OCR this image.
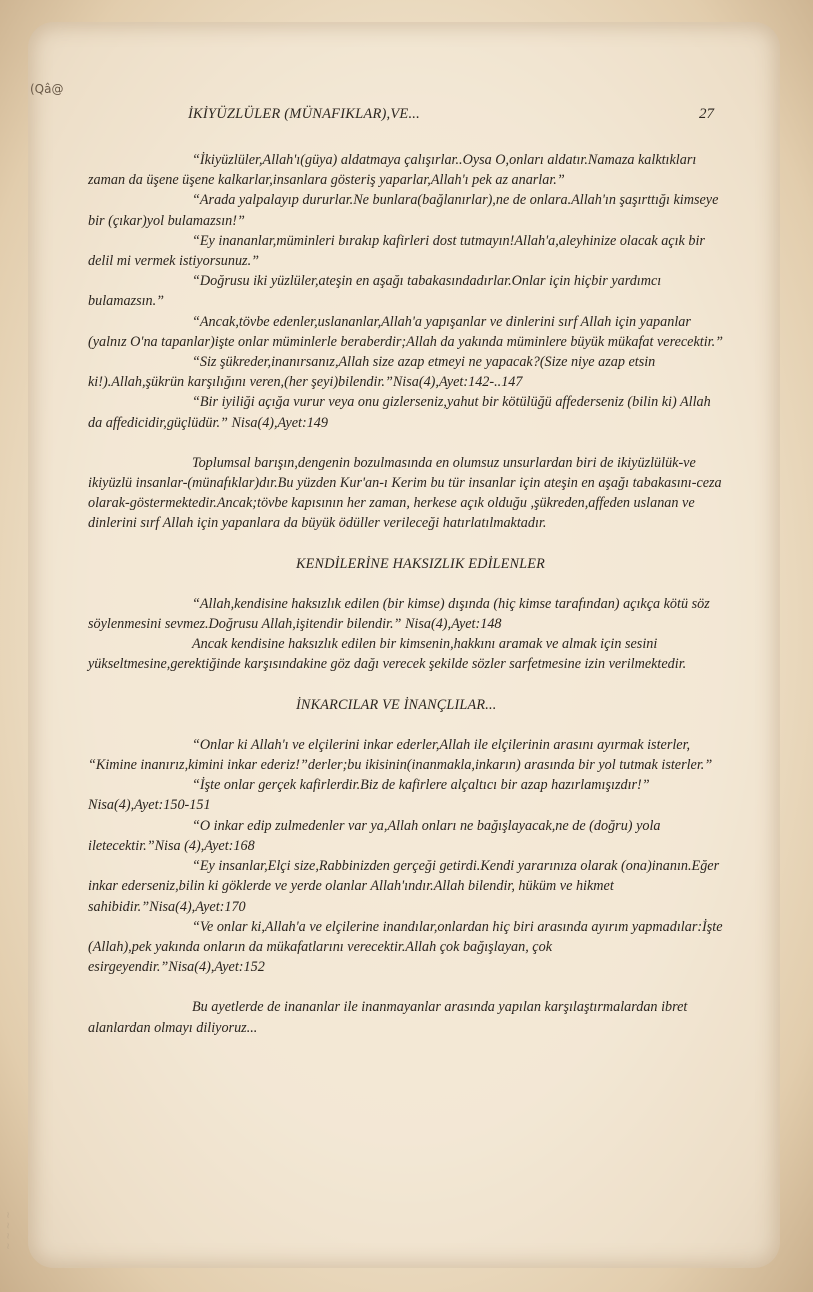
(Qâ@
~ ~ ~ ~
İKİYÜZLÜLER (MÜNAFIKLAR),VE...	27

“İkiyüzlüler,Allah'ı(güya) aldatmaya çalışırlar..Oysa O,onları aldatır.Namaza kalktıkları zaman da üşene üşene kalkarlar,insanlara gösteriş yaparlar,Allah'ı pek az anarlar.”

“Arada yalpalayıp dururlar.Ne bunlara(bağlanırlar),ne de onlara.Allah'ın şaşırttığı kimseye bir (çıkar)yol bulamazsın!”

“Ey inananlar,müminleri bırakıp kafirleri dost tutmayın!Allah'a,aleyhinize olacak açık bir delil mi vermek istiyorsunuz.”

“Doğrusu iki yüzlüler,ateşin en aşağı tabakasındadırlar.Onlar için hiçbir yardımcı bulamazsın.”

“Ancak,tövbe edenler,uslananlar,Allah'a yapışanlar ve dinlerini sırf Allah için yapanlar (yalnız O'na tapanlar)işte onlar müminlerle beraberdir;Allah da yakında müminlere büyük mükafat verecektir.”

“Siz şükreder,inanırsanız,Allah size azap etmeyi ne yapacak?(Size niye azap etsin ki!).Allah,şükrün karşılığını veren,(her şeyi)bilendir.”Nisa(4),Ayet:142-..147

“Bir iyiliği açığa vurur veya onu gizlerseniz,yahut bir kötülüğü affederseniz (bilin ki) Allah da affedicidir,güçlüdür.” Nisa(4),Ayet:149

Toplumsal barışın,dengenin bozulmasında en olumsuz unsurlardan biri de ikiyüzlülük-ve ikiyüzlü insanlar-(münafıklar)dır.Bu yüzden Kur'an-ı Kerim bu tür insanlar için ateşin en aşağı tabakasını-ceza olarak-göstermektedir.Ancak;tövbe kapısının her zaman, herkese açık olduğu ,şükreden,affeden uslanan ve dinlerini sırf Allah için yapanlara da büyük ödüller verileceği hatırlatılmaktadır.

KENDİLERİNE HAKSIZLIK EDİLENLER

“Allah,kendisine haksızlık edilen (bir kimse) dışında (hiç kimse tarafından) açıkça kötü söz söylenmesini sevmez.Doğrusu Allah,işitendir bilendir.” Nisa(4),Ayet:148

Ancak kendisine haksızlık edilen bir kimsenin,hakkını aramak ve almak için sesini yükseltmesine,gerektiğinde karşısındakine göz dağı verecek şekilde sözler sarfetmesine izin verilmektedir.

İNKARCILAR VE İNANÇLILAR...

“Onlar ki Allah'ı ve elçilerini inkar ederler,Allah ile elçilerinin arasını ayırmak isterler, “Kimine inanırız,kimini inkar ederiz!”derler;bu ikisinin(inanmakla,inkarın) arasında bir yol tutmak isterler.”

“İşte onlar gerçek kafirlerdir.Biz de kafirlere alçaltıcı bir azap hazırlamışızdır!” Nisa(4),Ayet:150-151

“O inkar edip zulmedenler var ya,Allah onları ne bağışlayacak,ne de (doğru) yola iletecektir.”Nisa (4),Ayet:168

“Ey insanlar,Elçi size,Rabbinizden gerçeği getirdi.Kendi yararınıza olarak (ona)inanın.Eğer inkar ederseniz,bilin ki göklerde ve yerde olanlar Allah'ındır.Allah bilendir, hüküm ve hikmet sahibidir.”Nisa(4),Ayet:170

“Ve onlar ki,Allah'a ve elçilerine inandılar,onlardan hiç biri arasında ayırım yapmadılar:İşte (Allah),pek yakında onların da mükafatlarını verecektir.Allah çok bağışlayan, çok esirgeyendir.”Nisa(4),Ayet:152

Bu ayetlerde de inananlar ile inanmayanlar arasında yapılan karşılaştırmalardan ibret alanlardan olmayı diliyoruz...
